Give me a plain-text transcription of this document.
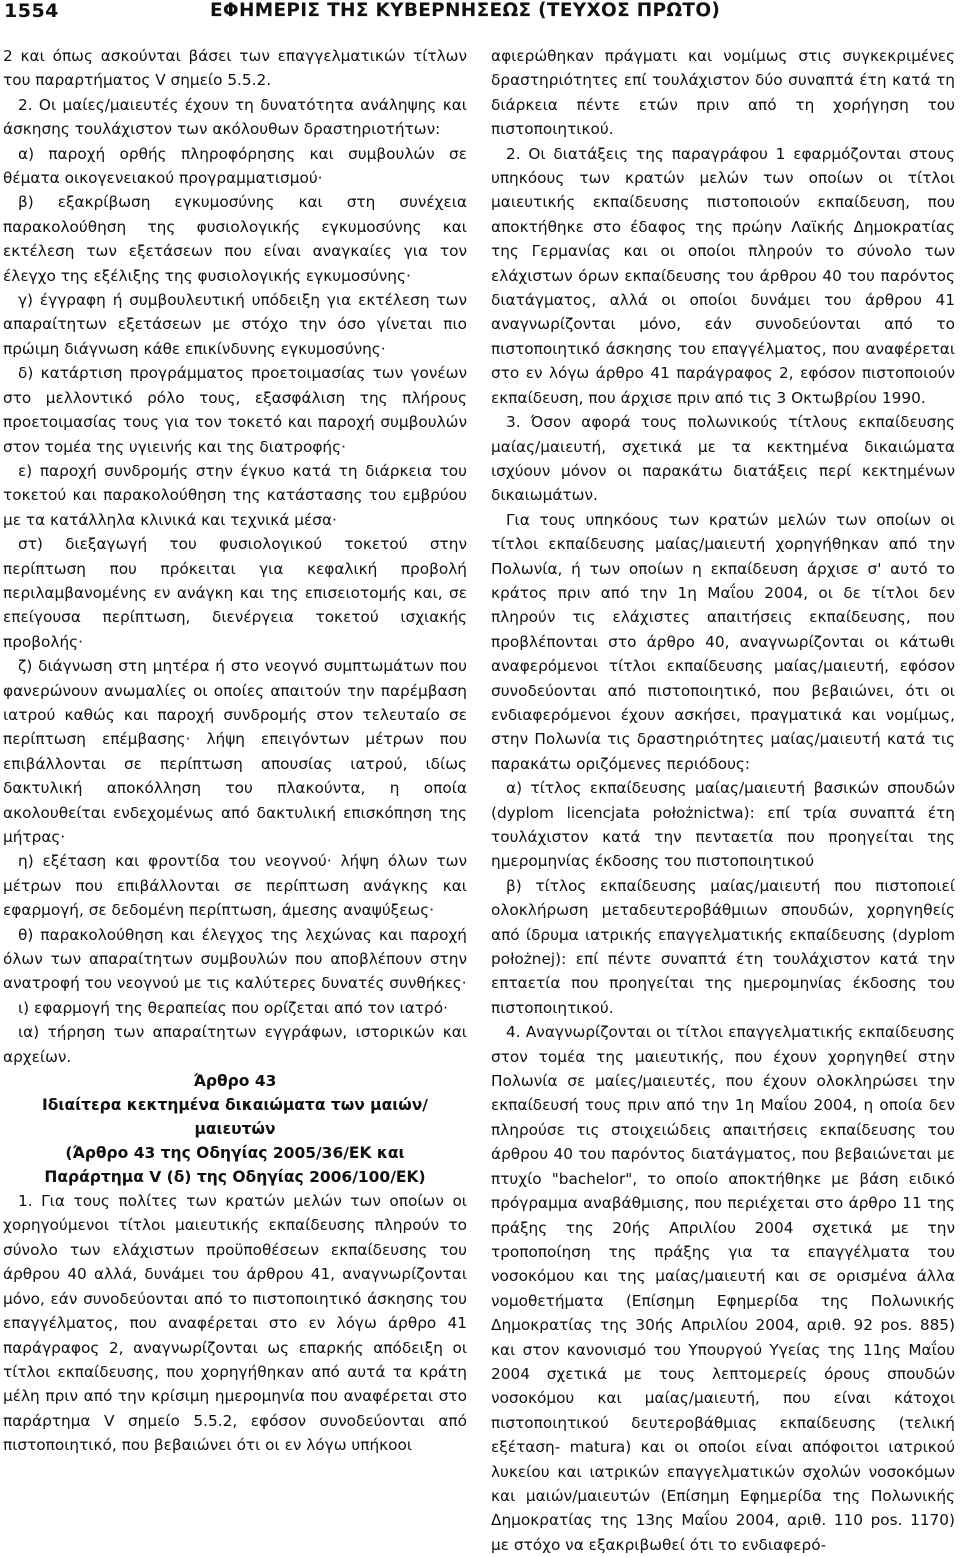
1554	ΕΦΗΜΕΡΙΣ ΤΗΣ ΚΥΒΕΡΝΗΣΕΩΣ (ΤΕΥΧΟΣ ΠΡΩΤΟ)

2 και όπως ασκούνται βάσει των επαγγελματικών τίτλων του παραρτήματος V σημείο 5.5.2.

2. Οι μαίες/μαιευτές έχουν τη δυνατότητα ανάληψης και άσκησης τουλάχιστον των ακόλουθων δραστηριοτήτων:

α) παροχή ορθής πληροφόρησης και συμβουλών σε θέματα οικογενειακού προγραμματισμού·

β) εξακρίβωση εγκυμοσύνης και στη συνέχεια παρακολούθηση της φυσιολογικής εγκυμοσύνης και εκτέλεση των εξετάσεων που είναι αναγκαίες για τον έλεγχο της εξέλιξης της φυσιολογικής εγκυμοσύνης·

γ) έγγραφη ή συμβουλευτική υπόδειξη για εκτέλεση των απαραίτητων εξετάσεων με στόχο την όσο γίνεται πιο πρώιμη διάγνωση κάθε επικίνδυνης εγκυμοσύνης·

δ) κατάρτιση προγράμματος προετοιμασίας των γονέων στο μελλοντικό ρόλο τους, εξασφάλιση της πλήρους προετοιμασίας τους για τον τοκετό και παροχή συμβουλών στον τομέα της υγιεινής και της διατροφής·

ε) παροχή συνδρομής στην έγκυο κατά τη διάρκεια του τοκετού και παρακολούθηση της κατάστασης του εμβρύου με τα κατάλληλα κλινικά και τεχνικά μέσα·

στ) διεξαγωγή του φυσιολογικού τοκετού στην περίπτωση που πρόκειται για κεφαλική προβολή περιλαμβανομένης εν ανάγκη και της επισειοτομής και, σε επείγουσα περίπτωση, διενέργεια τοκετού ισχιακής προβολής·

ζ) διάγνωση στη μητέρα ή στο νεογνό συμπτωμάτων που φανερώνουν ανωμαλίες οι οποίες απαιτούν την παρέμβαση ιατρού καθώς και παροχή συνδρομής στον τελευταίο σε περίπτωση επέμβασης· λήψη επειγόντων μέτρων που επιβάλλονται σε περίπτωση απουσίας ιατρού, ιδίως δακτυλική αποκόλληση του πλακούντα, η οποία ακολουθείται ενδεχομένως από δακτυλική επισκόπηση της μήτρας·

η) εξέταση και φροντίδα του νεογνού· λήψη όλων των μέτρων που επιβάλλονται σε περίπτωση ανάγκης και εφαρμογή, σε δεδομένη περίπτωση, άμεσης αναψύξεως·

θ) παρακολούθηση και έλεγχος της λεχώνας και παροχή όλων των απαραίτητων συμβουλών που αποβλέπουν στην ανατροφή του νεογνού με τις καλύτερες δυνατές συνθήκες·

ι) εφαρμογή της θεραπείας που ορίζεται από τον ιατρό·

ια) τήρηση των απαραίτητων εγγράφων, ιστορικών και αρχείων.

Άρθρο 43

Ιδιαίτερα κεκτημένα δικαιώματα των μαιών/μαιευτών

(Άρθρο 43 της Οδηγίας 2005/36/ΕΚ και

Παράρτημα V (δ) της Οδηγίας 2006/100/ΕΚ)

1. Για τους πολίτες των κρατών μελών των οποίων οι χορηγούμενοι τίτλοι μαιευτικής εκπαίδευσης πληρούν το σύνολο των ελάχιστων προϋποθέσεων εκπαίδευσης του άρθρου 40 αλλά, δυνάμει του άρθρου 41, αναγνωρίζονται μόνο, εάν συνοδεύονται από το πιστοποιητικό άσκησης του επαγγέλματος, που αναφέρεται στο εν λόγω άρθρο 41 παράγραφος 2, αναγνωρίζονται ως επαρκής απόδειξη οι τίτλοι εκπαίδευσης, που χορηγήθηκαν από αυτά τα κράτη μέλη πριν από την κρίσιμη ημερομηνία που αναφέρεται στο παράρτημα V σημείο 5.5.2, εφόσον συνοδεύονται από πιστοποιητικό, που βεβαιώνει ότι οι εν λόγω υπήκοοι

αφιερώθηκαν πράγματι και νομίμως στις συγκεκριμένες δραστηριότητες επί τουλάχιστον δύο συναπτά έτη κατά τη διάρκεια πέντε ετών πριν από τη χορήγηση του πιστοποιητικού.

2. Οι διατάξεις της παραγράφου 1 εφαρμόζονται στους υπηκόους των κρατών μελών των οποίων οι τίτλοι μαιευτικής εκπαίδευσης πιστοποιούν εκπαίδευση, που αποκτήθηκε στο έδαφος της πρώην Λαϊκής Δημοκρατίας της Γερμανίας και οι οποίοι πληρούν το σύνολο των ελάχιστων όρων εκπαίδευσης του άρθρου 40 του παρόντος διατάγματος, αλλά οι οποίοι δυνάμει του άρθρου 41 αναγνωρίζονται μόνο, εάν συνοδεύονται από το πιστοποιητικό άσκησης του επαγγέλματος, που αναφέρεται στο εν λόγω άρθρο 41 παράγραφος 2, εφόσον πιστοποιούν εκπαίδευση, που άρχισε πριν από τις 3 Οκτωβρίου 1990.

3. Όσον αφορά τους πολωνικούς τίτλους εκπαίδευσης μαίας/μαιευτή, σχετικά με τα κεκτημένα δικαιώματα ισχύουν μόνον οι παρακάτω διατάξεις περί κεκτημένων δικαιωμάτων.

Για τους υπηκόους των κρατών μελών των οποίων οι τίτλοι εκπαίδευσης μαίας/μαιευτή χορηγήθηκαν από την Πολωνία, ή των οποίων η εκπαίδευση άρχισε σ' αυτό το κράτος πριν από την 1η Μαΐου 2004, οι δε τίτλοι δεν πληρούν τις ελάχιστες απαιτήσεις εκπαίδευσης, που προβλέπονται στο άρθρο 40, αναγνωρίζονται οι κάτωθι αναφερόμενοι τίτλοι εκπαίδευσης μαίας/μαιευτή, εφόσον συνοδεύονται από πιστοποιητικό, που βεβαιώνει, ότι οι ενδιαφερόμενοι έχουν ασκήσει, πραγματικά και νομίμως, στην Πολωνία τις δραστηριότητες μαίας/μαιευτή κατά τις παρακάτω οριζόμενες περιόδους:

α) τίτλος εκπαίδευσης μαίας/μαιευτή βασικών σπουδών (dyplom licencjata położnictwa): επί τρία συναπτά έτη τουλάχιστον κατά την πενταετία που προηγείται της ημερομηνίας έκδοσης του πιστοποιητικού

β) τίτλος εκπαίδευσης μαίας/μαιευτή που πιστοποιεί ολοκλήρωση μεταδευτεροβάθμιων σπουδών, χορηγηθείς από ίδρυμα ιατρικής επαγγελματικής εκπαίδευσης (dyplom położnej): επί πέντε συναπτά έτη τουλάχιστον κατά την επταετία που προηγείται της ημερομηνίας έκδοσης του πιστοποιητικού.

4. Αναγνωρίζονται οι τίτλοι επαγγελματικής εκπαίδευσης στον τομέα της μαιευτικής, που έχουν χορηγηθεί στην Πολωνία σε μαίες/μαιευτές, που έχουν ολοκληρώσει την εκπαίδευσή τους πριν από την 1η Μαΐου 2004, η οποία δεν πληρούσε τις στοιχειώδεις απαιτήσεις εκπαίδευσης του άρθρου 40 του παρόντος διατάγματος, που βεβαιώνεται με πτυχίο "bachelor", το οποίο αποκτήθηκε με βάση ειδικό πρόγραμμα αναβάθμισης, που περιέχεται στο άρθρο 11 της πράξης της 20ής Απριλίου 2004 σχετικά με την τροποποίηση της πράξης για τα επαγγέλματα του νοσοκόμου και της μαίας/μαιευτή και σε ορισμένα άλλα νομοθετήματα (Επίσημη Εφημερίδα της Πολωνικής Δημοκρατίας της 30ής Απριλίου 2004, αριθ. 92 pos. 885) και στον κανονισμό του Υπουργού Υγείας της 11ης Μαΐου 2004 σχετικά με τους λεπτομερείς όρους σπουδών νοσοκόμου και μαίας/μαιευτή, που είναι κάτοχοι πιστοποιητικού δευτεροβάθμιας εκπαίδευσης (τελική εξέταση- matura) και οι οποίοι είναι απόφοιτοι ιατρικού λυκείου και ιατρικών επαγγελματικών σχολών νοσοκόμων και μαιών/μαιευτών (Επίσημη Εφημερίδα της Πολωνικής Δημοκρατίας της 13ης Μαΐου 2004, αριθ. 110 pos. 1170) με στόχο να εξακριβωθεί ότι το ενδιαφερό-
